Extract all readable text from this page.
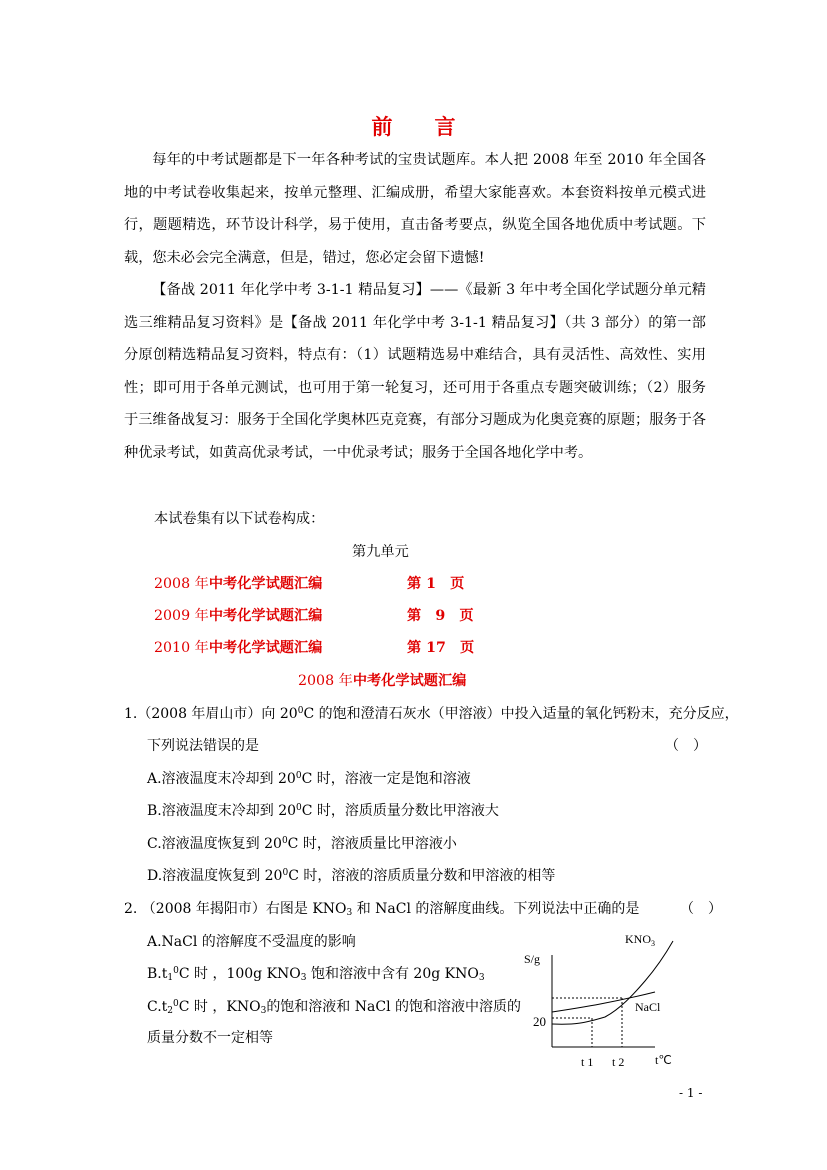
前 言
每年的中考试题都是下一年各种考试的宝贵试题库。本人把 2008 年至 2010 年全国各地的中考试卷收集起来，按单元整理、汇编成册，希望大家能喜欢。本套资料按单元模式进行，题题精选，环节设计科学，易于使用，直击备考要点，纵览全国各地优质中考试题。下载，您未必会完全满意，但是，错过，您必定会留下遗憾!
【备战 2011 年化学中考 3-1-1 精品复习】——《最新 3 年中考全国化学试题分单元精选三维精品复习资料》是【备战 2011 年化学中考 3-1-1 精品复习】（共 3 部分）的第一部分原创精选精品复习资料，特点有：（1）试题精选易中难结合，具有灵活性、高效性、实用性；即可用于各单元测试，也可用于第一轮复习，还可用于各重点专题突破训练；（2）服务于三维备战复习：服务于全国化学奥林匹克竞赛，有部分习题成为化奥竞赛的原题；服务于各种优录考试，如黄高优录考试，一中优录考试；服务于全国各地化学中考。
本试卷集有以下试卷构成：
第九单元
2008 年中考化学试题汇编	第 1　页
2009 年中考化学试题汇编	第　9　页
2010 年中考化学试题汇编	第 17　页
2008 年中考化学试题汇编
1.（2008 年眉山市）向 $20^0C$ 的饱和澄清石灰水（甲溶液）中投入适量的氧化钙粉末，充分反应，
下列说法错误的是	（　）
A.溶液温度末冷却到 $20^0C$ 时，溶液一定是饱和溶液
B.溶液温度末冷却到 $20^0C$ 时，溶质质量分数比甲溶液大
C.溶液温度恢复到 $20^0C$ 时，溶液质量比甲溶液小
D.溶液温度恢复到 $20^0C$ 时，溶液的溶质质量分数和甲溶液的相等
2. （2008 年揭阳市）右图是 $KNO_3$ 和 NaCl 的溶解度曲线。下列说法中正确的是	（　）
A.NaCl 的溶解度不受温度的影响
$B.t_1^0C$ 时 ，100g $KNO_3$ 饱和溶液中含有 20g $KNO_3$
$C.t_2^0C$ 时 ，$KNO_3$的饱和溶液和 NaCl 的饱和溶液中溶质的
质量分数不一定相等
S/g
20
t 1 t 2	t℃
$KNO_3$
NaCl
- 1 -
